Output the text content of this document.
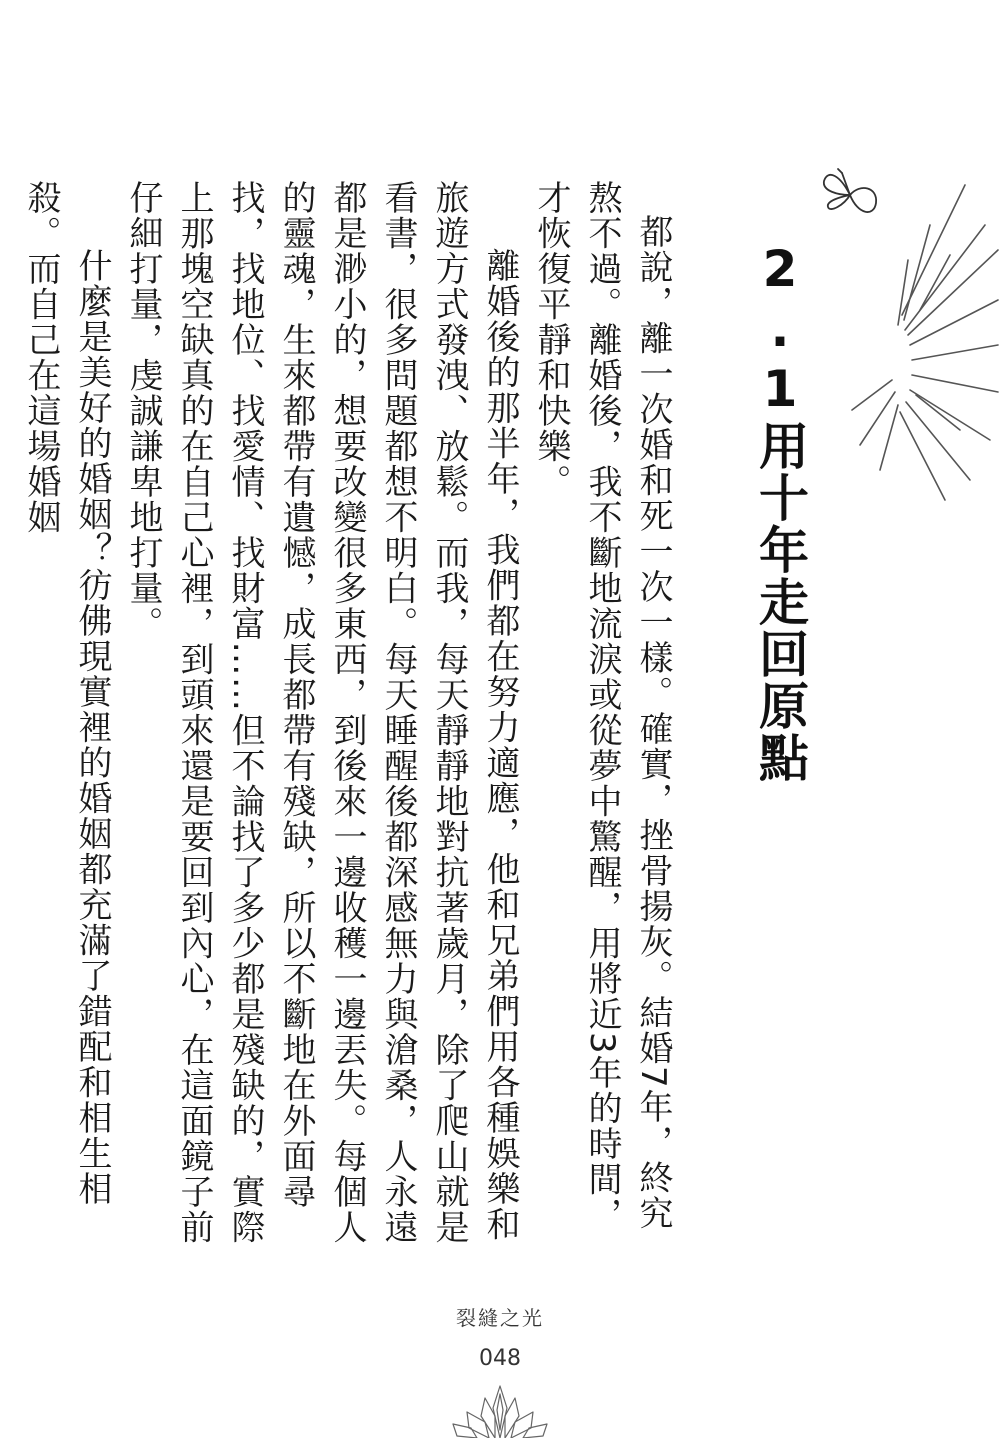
2.1用十年走回原點

都說，離一次婚和死一次一樣。確實，挫骨揚灰。結婚7年，終究熬不過。離婚後，我不斷地流淚或從夢中驚醒，用將近3年的時間，才恢復平靜和快樂。

離婚後的那半年，我們都在努力適應，他和兄弟們用各種娛樂和旅遊方式發洩、放鬆。而我，每天靜靜地對抗著歲月，除了爬山就是看書，很多問題都想不明白。每天睡醒後都深感無力與滄桑，人永遠都是渺小的，想要改變很多東西，到後來一邊收穫一邊丟失。每個人的靈魂，生來都帶有遺憾，成長都帶有殘缺，所以不斷地在外面尋找，找地位、找愛情、找財富……但不論找了多少都是殘缺的，實際上那塊空缺真的在自己心裡，到頭來還是要回到內心，在這面鏡子前仔細打量，虔誠謙卑地打量。

什麼是美好的婚姻？彷佛現實裡的婚姻都充滿了錯配和相生相殺。而自己在這場婚姻

裂縫之光
048
